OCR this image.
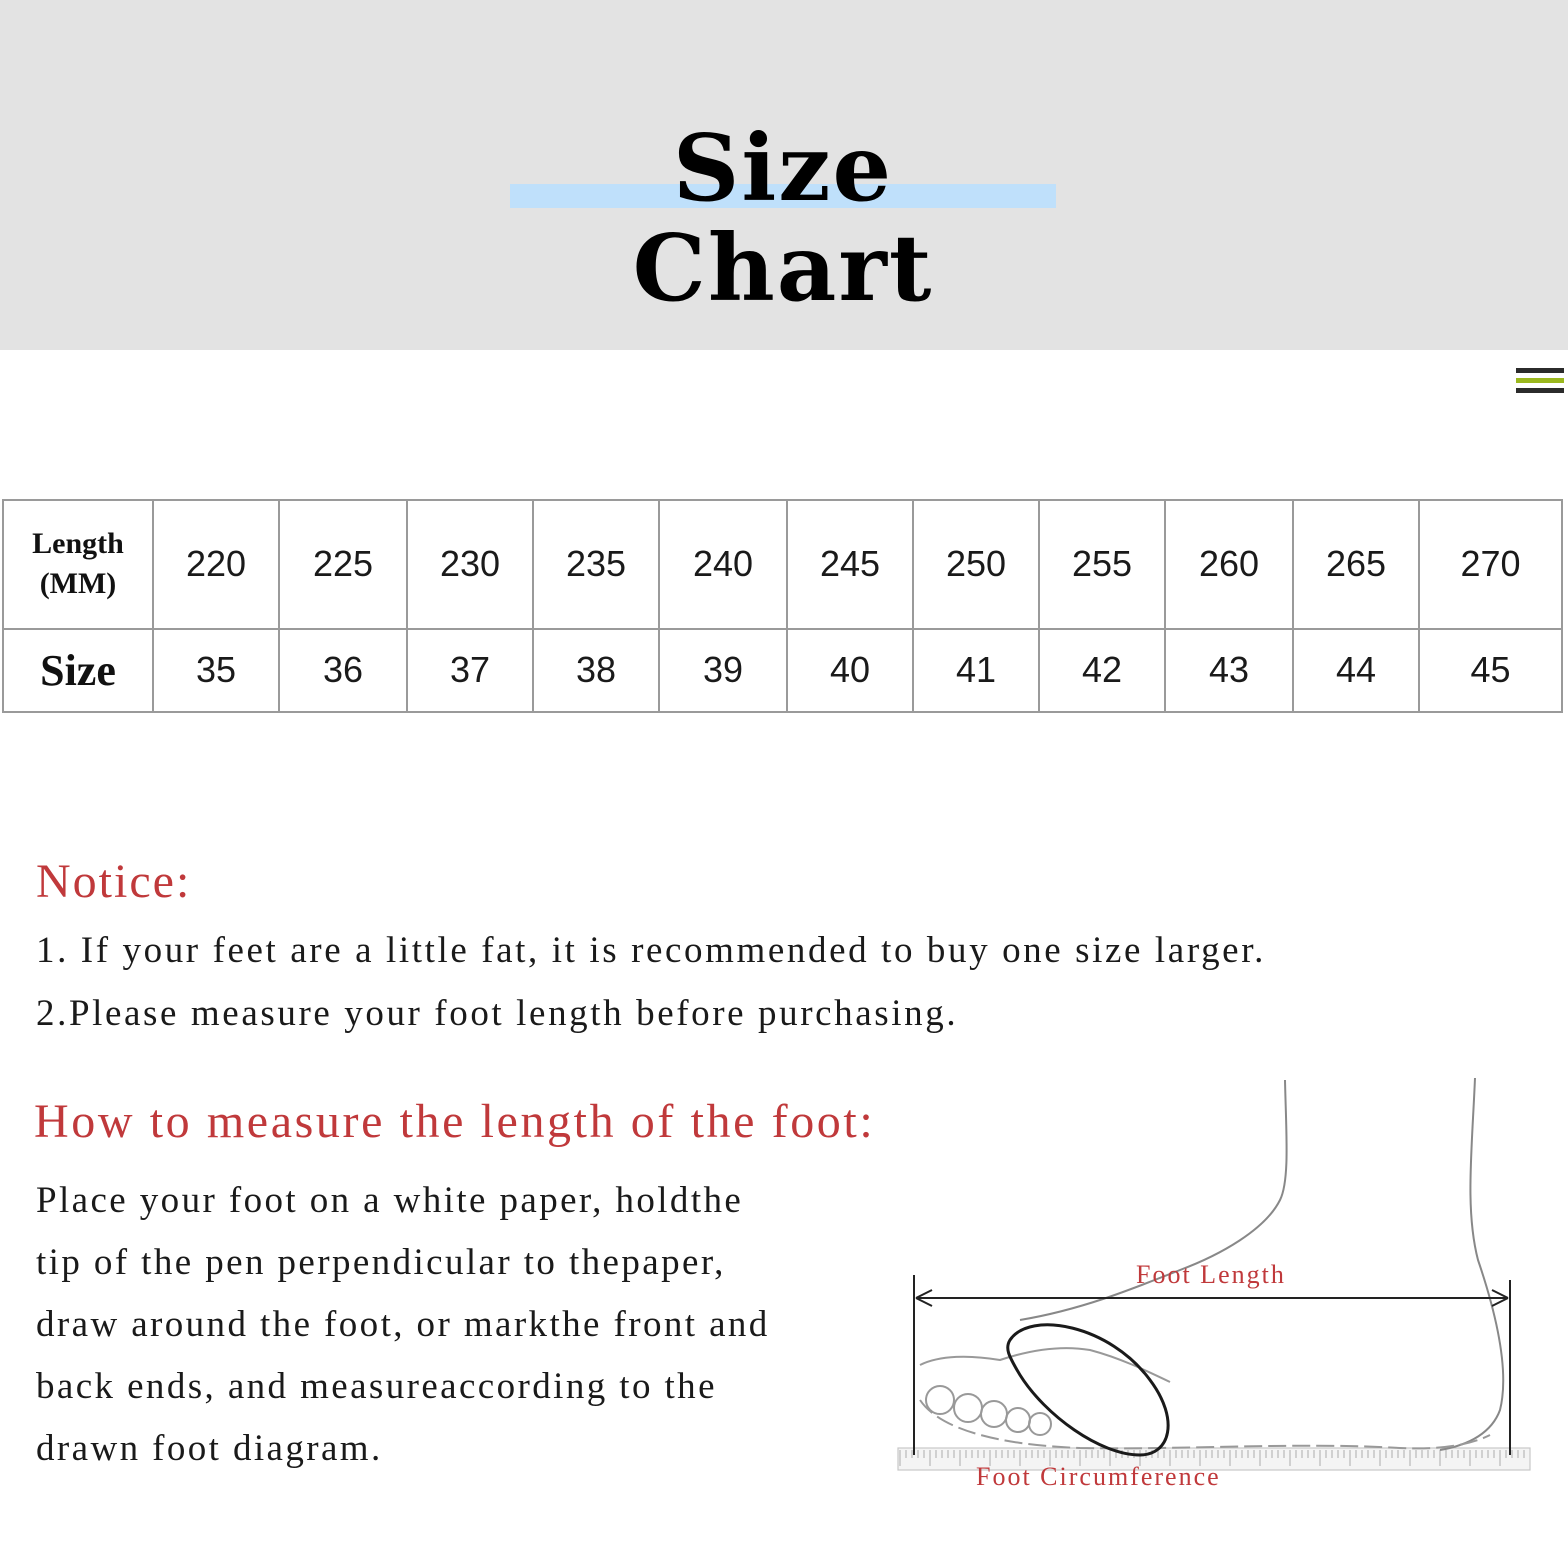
Size Chart
Length
(MM)	220	225	230	235	240	245	250	255	260	265	270
Size	35	36	37	38	39	40	41	42	43	44	45
Notice:
1. If your feet are a little fat, it is recommended to buy one size larger.
2.Please measure your foot length before purchasing.
How to measure the length of the foot:
Place your foot on a white paper, holdthe
tip of the pen perpendicular to thepaper,
draw around the foot, or markthe front and
back ends, and measureaccording to the
drawn foot diagram.
Foot Length
Foot Circumference
